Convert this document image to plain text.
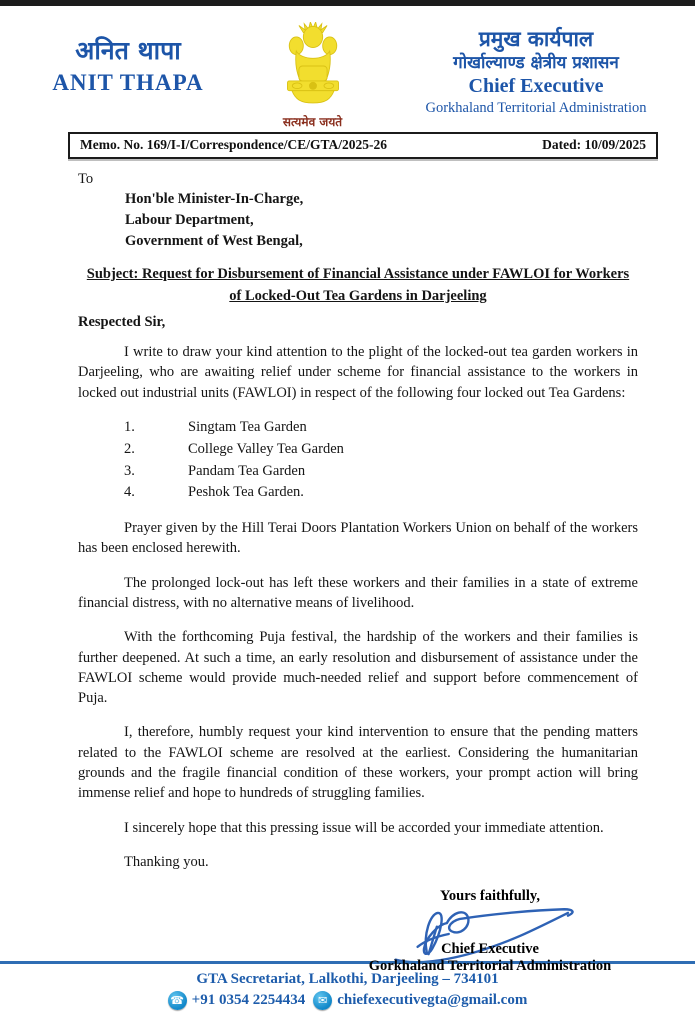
अनित थापा
ANIT THAPA
सत्यमेव जयते
प्रमुख कार्यपाल
गोर्खाल्याण्ड क्षेत्रीय प्रशासन
Chief Executive
Gorkhaland Territorial Administration
Memo. No. 169/I-I/Correspondence/CE/GTA/2025-26	Dated: 10/09/2025
To
Hon'ble Minister-In-Charge,
Labour Department,
Government of West Bengal,
Subject: Request for Disbursement of Financial Assistance under FAWLOI for Workers of Locked-Out Tea Gardens in Darjeeling
Respected Sir,

I write to draw your kind attention to the plight of the locked-out tea garden workers in Darjeeling, who are awaiting relief under scheme for financial assistance to the workers in locked out industrial units (FAWLOI) in respect of the following four locked out Tea Gardens:

1.	Singtam Tea Garden
2.	College Valley Tea Garden
3.	Pandam Tea Garden
4.	Peshok Tea Garden.

Prayer given by the Hill Terai Doors Plantation Workers Union on behalf of the workers has been enclosed herewith.

The prolonged lock-out has left these workers and their families in a state of extreme financial distress, with no alternative means of livelihood.

With the forthcoming Puja festival, the hardship of the workers and their families is further deepened. At such a time, an early resolution and disbursement of assistance under the FAWLOI scheme would provide much-needed relief and support before commencement of Puja.

I, therefore, humbly request your kind intervention to ensure that the pending matters related to the FAWLOI scheme are resolved at the earliest. Considering the humanitarian grounds and the fragile financial condition of these workers, your prompt action will bring immense relief and hope to hundreds of struggling families.

I sincerely hope that this pressing issue will be accorded your immediate attention.

Thanking you.

Yours faithfully,
Chief Executive
Gorkhaland Territorial Administration
GTA Secretariat, Lalkothi, Darjeeling – 734101
☎ +91 0354 2254434	✉ chiefexecutivegta@gmail.com
